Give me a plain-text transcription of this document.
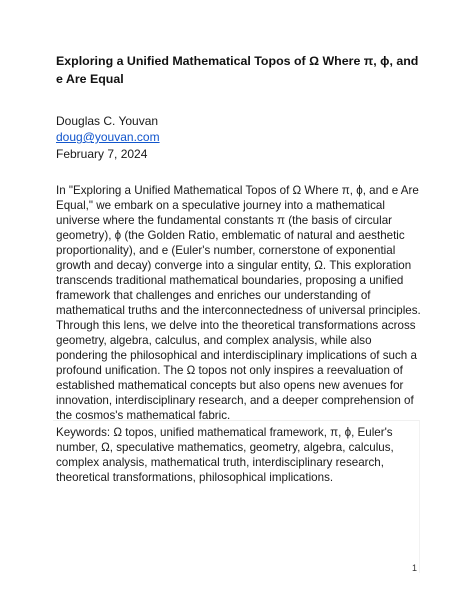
Exploring a Unified Mathematical Topos of Ω Where π, ϕ, and e Are Equal
Douglas C. Youvan
doug@youvan.com
February 7, 2024

In "Exploring a Unified Mathematical Topos of Ω Where π, ϕ, and e Are Equal," we embark on a speculative journey into a mathematical universe where the fundamental constants π (the basis of circular geometry), ϕ (the Golden Ratio, emblematic of natural and aesthetic proportionality), and e (Euler's number, cornerstone of exponential growth and decay) converge into a singular entity, Ω. This exploration transcends traditional mathematical boundaries, proposing a unified framework that challenges and enriches our understanding of mathematical truths and the interconnectedness of universal principles. Through this lens, we delve into the theoretical transformations across geometry, algebra, calculus, and complex analysis, while also pondering the philosophical and interdisciplinary implications of such a profound unification. The Ω topos not only inspires a reevaluation of established mathematical concepts but also opens new avenues for innovation, interdisciplinary research, and a deeper comprehension of the cosmos's mathematical fabric.

Keywords: Ω topos, unified mathematical framework, π, ϕ, Euler's number, Ω, speculative mathematics, geometry, algebra, calculus, complex analysis, mathematical truth, interdisciplinary research, theoretical transformations, philosophical implications.

1
